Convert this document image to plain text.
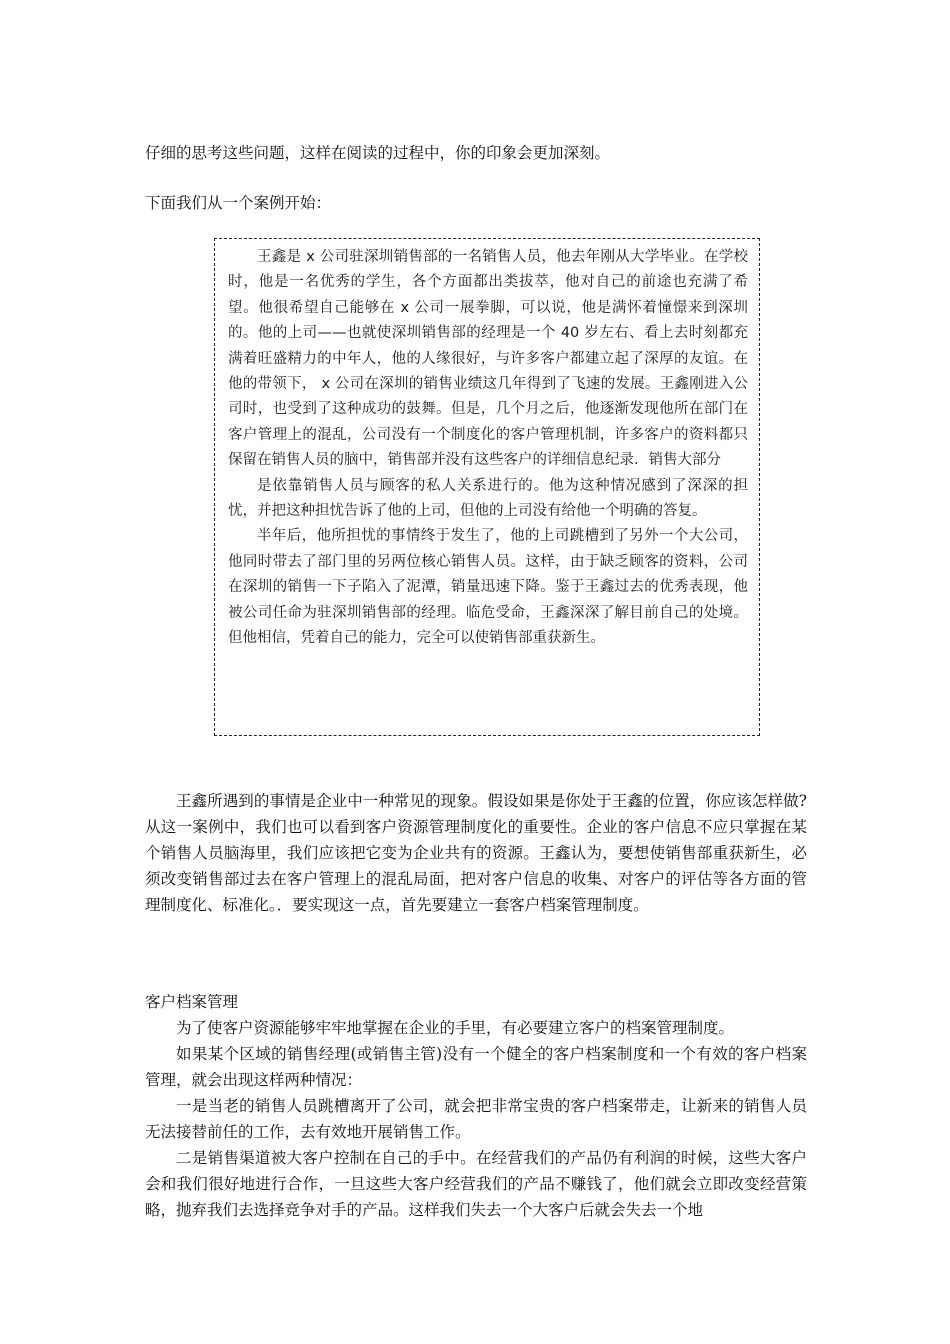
仔细的思考这些问题，这样在阅读的过程中，你的印象会更加深刻。
下面我们从一个案例开始：

王鑫是 x 公司驻深圳销售部的一名销售人员，他去年刚从大学毕业。在学校时，他是一名优秀的学生，各个方面都出类拔萃，他对自己的前途也充满了希望。他很希望自己能够在 x 公司一展拳脚，可以说，他是满怀着憧憬来到深圳的。他的上司——也就使深圳销售部的经理是一个 40 岁左右、看上去时刻都充满着旺盛精力的中年人，他的人缘很好，与许多客户都建立起了深厚的友谊。在他的带领下， x 公司在深圳的销售业绩这几年得到了飞速的发展。王鑫刚进入公司时，也受到了这种成功的鼓舞。但是，几个月之后，他逐渐发现他所在部门在客户管理上的混乱，公司没有一个制度化的客户管理机制，许多客户的资料都只保留在销售人员的脑中，销售部并没有这些客户的详细信息纪录．销售大部分

是依靠销售人员与顾客的私人关系进行的。他为这种情况感到了深深的担忧，并把这种担忧告诉了他的上司，但他的上司没有给他一个明确的答复。

半年后，他所担忧的事情终于发生了，他的上司跳槽到了另外一个大公司，他同时带去了部门里的另两位核心销售人员。这样，由于缺乏顾客的资料，公司在深圳的销售一下子陷入了泥潭，销量迅速下降。鉴于王鑫过去的优秀表现，他被公司任命为驻深圳销售部的经理。临危受命，王鑫深深了解目前自己的处境。但他相信，凭着自己的能力，完全可以使销售部重获新生。

王鑫所遇到的事情是企业中一种常见的现象。假设如果是你处于王鑫的位置，你应该怎样做?从这一案例中，我们也可以看到客户资源管理制度化的重要性。企业的客户信息不应只掌握在某个销售人员脑海里，我们应该把它变为企业共有的资源。王鑫认为，要想使销售部重获新生，必须改变销售部过去在客户管理上的混乱局面，把对客户信息的收集、对客户的评估等各方面的管理制度化、标准化。．要实现这一点，首先要建立一套客户档案管理制度。
客户档案管理
为了使客户资源能够牢牢地掌握在企业的手里，有必要建立客户的档案管理制度。
如果某个区域的销售经理(或销售主管)没有一个健全的客户档案制度和一个有效的客户档案管理，就会出现这样两种情况：
一是当老的销售人员跳槽离开了公司，就会把非常宝贵的客户档案带走，让新来的销售人员无法接替前任的工作，去有效地开展销售工作。
二是销售渠道被大客户控制在自己的手中。在经营我们的产品仍有利润的时候，这些大客户会和我们很好地进行合作，一旦这些大客户经营我们的产品不赚钱了，他们就会立即改变经营策略，抛弃我们去选择竞争对手的产品。这样我们失去一个大客户后就会失去一个地
